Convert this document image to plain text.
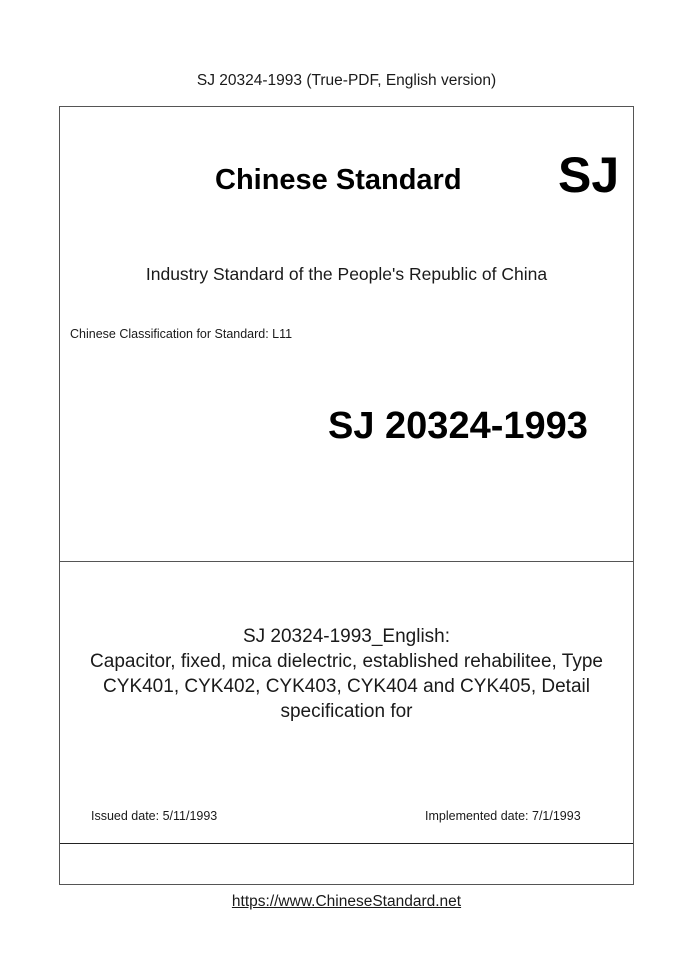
SJ 20324-1993 (True-PDF, English version)
Chinese Standard SJ
Industry Standard of the People's Republic of China
Chinese Classification for Standard: L11
SJ 20324-1993
SJ 20324-1993_English:
Capacitor, fixed, mica dielectric, established rehabilitee, Type
CYK401, CYK402, CYK403, CYK404 and CYK405, Detail
specification for
Issued date: 5/11/1993	Implemented date: 7/1/1993
https://www.ChineseStandard.net
